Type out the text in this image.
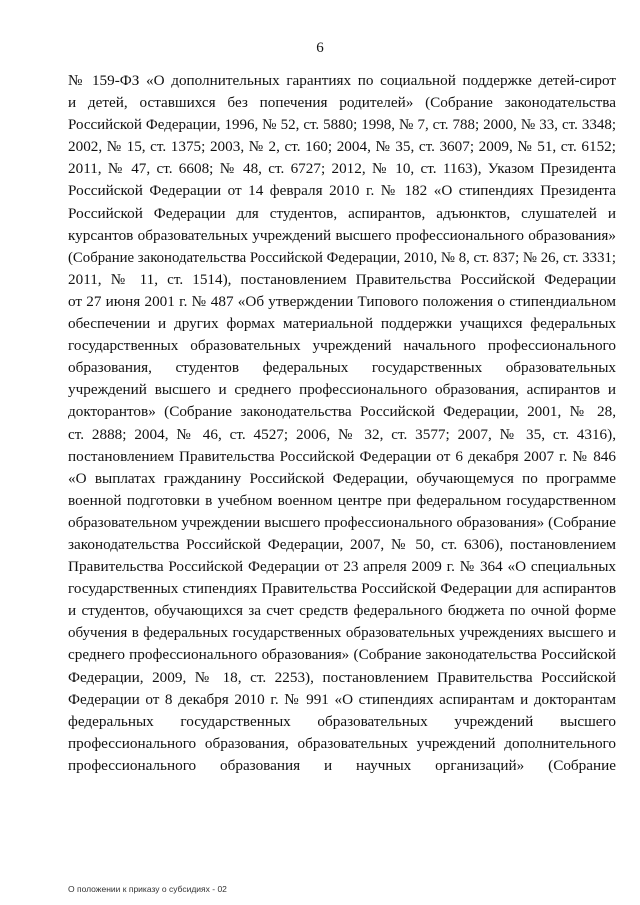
6
№ 159-ФЗ «О дополнительных гарантиях по социальной поддержке детей-сирот
и детей, оставшихся без попечения родителей» (Собрание законодательства
Российской Федерации, 1996, № 52, ст. 5880; 1998, № 7, ст. 788; 2000, № 33, ст. 3348;
2002, № 15, ст. 1375; 2003, № 2, ст. 160; 2004, № 35, ст. 3607; 2009, № 51, ст. 6152;
2011, № 47, ст. 6608; № 48, ст. 6727; 2012, № 10, ст. 1163), Указом Президента
Российской Федерации от 14 февраля 2010 г. № 182 «О стипендиях Президента
Российской Федерации для студентов, аспирантов, адъюнктов, слушателей и
курсантов образовательных учреждений высшего профессионального образования»
(Собрание законодательства Российской Федерации, 2010, № 8, ст. 837; № 26, ст. 3331;
2011, № 11, ст. 1514), постановлением Правительства Российской Федерации
от 27 июня 2001 г. № 487 «Об утверждении Типового положения о стипендиальном
обеспечении и других формах материальной поддержки учащихся федеральных
государственных образовательных учреждений начального профессионального
образования, студентов федеральных государственных образовательных
учреждений высшего и среднего профессионального образования, аспирантов и
докторантов» (Собрание законодательства Российской Федерации, 2001, № 28,
ст. 2888; 2004, № 46, ст. 4527; 2006, № 32, ст. 3577; 2007, № 35, ст. 4316),
постановлением Правительства Российской Федерации от 6 декабря 2007 г. № 846
«О выплатах гражданину Российской Федерации, обучающемуся по программе
военной подготовки в учебном военном центре при федеральном государственном
образовательном учреждении высшего профессионального образования» (Собрание
законодательства Российской Федерации, 2007, № 50, ст. 6306), постановлением
Правительства Российской Федерации от 23 апреля 2009 г. № 364 «О специальных
государственных стипендиях Правительства Российской Федерации для аспирантов
и студентов, обучающихся за счет средств федерального бюджета по очной форме
обучения в федеральных государственных образовательных учреждениях высшего и
среднего профессионального образования» (Собрание законодательства Российской
Федерации, 2009, № 18, ст. 2253), постановлением Правительства Российской
Федерации от 8 декабря 2010 г. № 991 «О стипендиях аспирантам и докторантам
федеральных государственных образовательных учреждений высшего
профессионального образования, образовательных учреждений дополнительного
профессионального образования и научных организаций» (Собрание
О положении к приказу о субсидиях - 02
